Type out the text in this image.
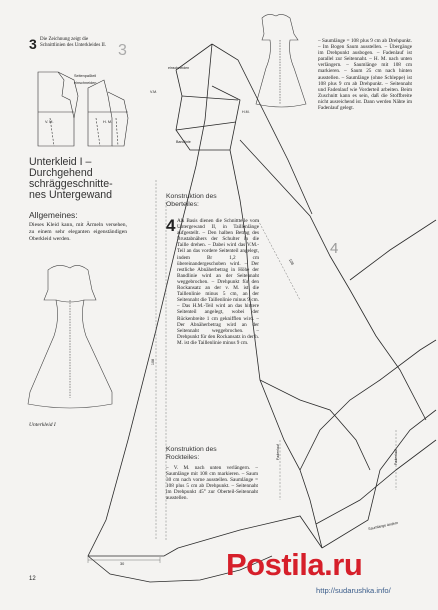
3 Die Zeichnung zeigt die Schnittlinien des Unterkleides II. 3
Seitenpaßteil
einschneiden
V. M.	H. M.
Unterkleid I –
Durchgehend
schräggeschnitte-
nes Untergewand
Allgemeines:
Dieses Kleid kann, mit Ärmeln versehen, zu einem sehr eleganten eigenständigen Oberkleid werden.
Unterkleid I
12
Konstruktion des
Oberteiles:
4 Als Basis dienen die Schnittteile vom Untergewand II, in Taillenlänge aufgestellt. – Den halben Betrag des Brustabnähers der Schulter in die Taille drehen. – Dabei wird das V.M.-Teil an das vordere Seitenteil angelegt, indem Br 1,2 cm übereinandergeschoben wird. – Der restliche Abnäherbetrag in Höhe der Bandlinie wird an der Seitennaht weggebrochen. – Drehpunkt für den Rockansatz an der v. M. ist die Taillenlinie minus 5 cm, an der Seitennaht die Taillenlinie minus 9 cm. – Das H.M.-Teil wird an das hintere Seitenteil angelegt, wobei der Rückenbreite 1 cm geknifflen wird. – Der Abnäherbetrag wird an der Seitennaht weggebrochen. – Drehpunkt für den Rockansatz in der h. M. ist die Taillenlinie minus 9 cm.
Konstruktion des
Rockteiles:
– V. M. nach unten verlängern. – Saumlänge mit 108 cm markieren. – Saum 30 cm nach vorne ausstellen. Saumlänge = 108 plus 5 cm ab Drehpunkt. – Seitennaht im Drehpunkt 45° zur Oberteil-Seitennaht ausstellen.
– Saumlänge = 108 plus 9 cm ab Drehpunkt. – Im Bogen Saum ausstellen. – Übergänge im Drehpunkt ausbogen. – Fadenlauf ist parallel zur Seitennaht. – H. M. nach unten verlängern. – Saumlänge mit 108 cm markieren. – Saum 25 cm nach hinten ausstellen. – Saumlänge (ohne Schleppe) ist 108 plus 9 cm ab Drehpunkt. – Seitennaht und Fadenlauf wie Vorderteil arbeiten. Beim Zuschnitt kann es sein, daß die Stoffbreite nicht ausreichend ist. Dann werden Nähte im Fadenlauf gelegt.
4
einschneiden
Bandlinie
V.M.
H.M.
Fadenlauf	Fadenlauf
Saumlänge ändern
30
108
108
Postila.ru
http://sudarushka.info/
